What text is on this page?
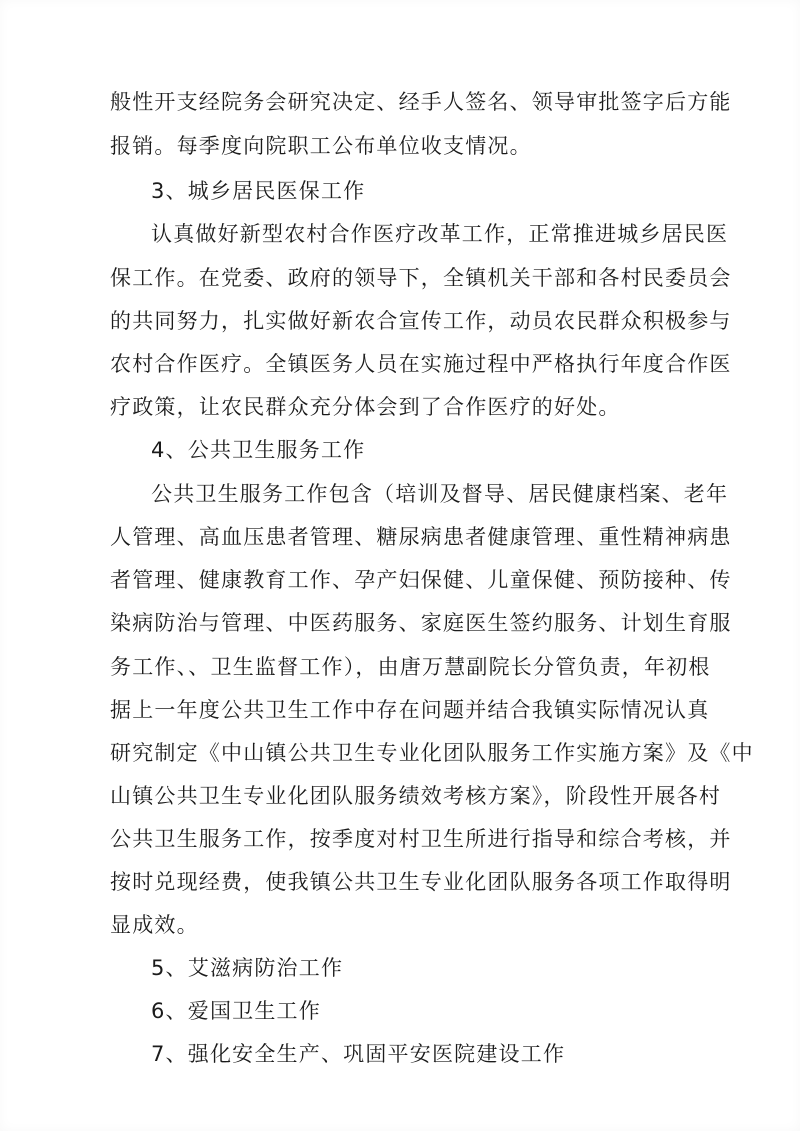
般性开支经院务会研究决定、经手人签名、领导审批签字后方能
报销。每季度向院职工公布单位收支情况。
3、城乡居民医保工作
认真做好新型农村合作医疗改革工作，正常推进城乡居民医
保工作。在党委、政府的领导下，全镇机关干部和各村民委员会
的共同努力，扎实做好新农合宣传工作，动员农民群众积极参与
农村合作医疗。全镇医务人员在实施过程中严格执行年度合作医
疗政策，让农民群众充分体会到了合作医疗的好处。
4、公共卫生服务工作
公共卫生服务工作包含（培训及督导、居民健康档案、老年
人管理、高血压患者管理、糖尿病患者健康管理、重性精神病患
者管理、健康教育工作、孕产妇保健、儿童保健、预防接种、传
染病防治与管理、中医药服务、家庭医生签约服务、计划生育服
务工作、、卫生监督工作），由唐万慧副院长分管负责，年初根
据上一年度公共卫生工作中存在问题并结合我镇实际情况认真
研究制定《中山镇公共卫生专业化团队服务工作实施方案》及《中
山镇公共卫生专业化团队服务绩效考核方案》，阶段性开展各村
公共卫生服务工作，按季度对村卫生所进行指导和综合考核，并
按时兑现经费，使我镇公共卫生专业化团队服务各项工作取得明
显成效。
5、艾滋病防治工作
6、爱国卫生工作
7、强化安全生产、巩固平安医院建设工作
